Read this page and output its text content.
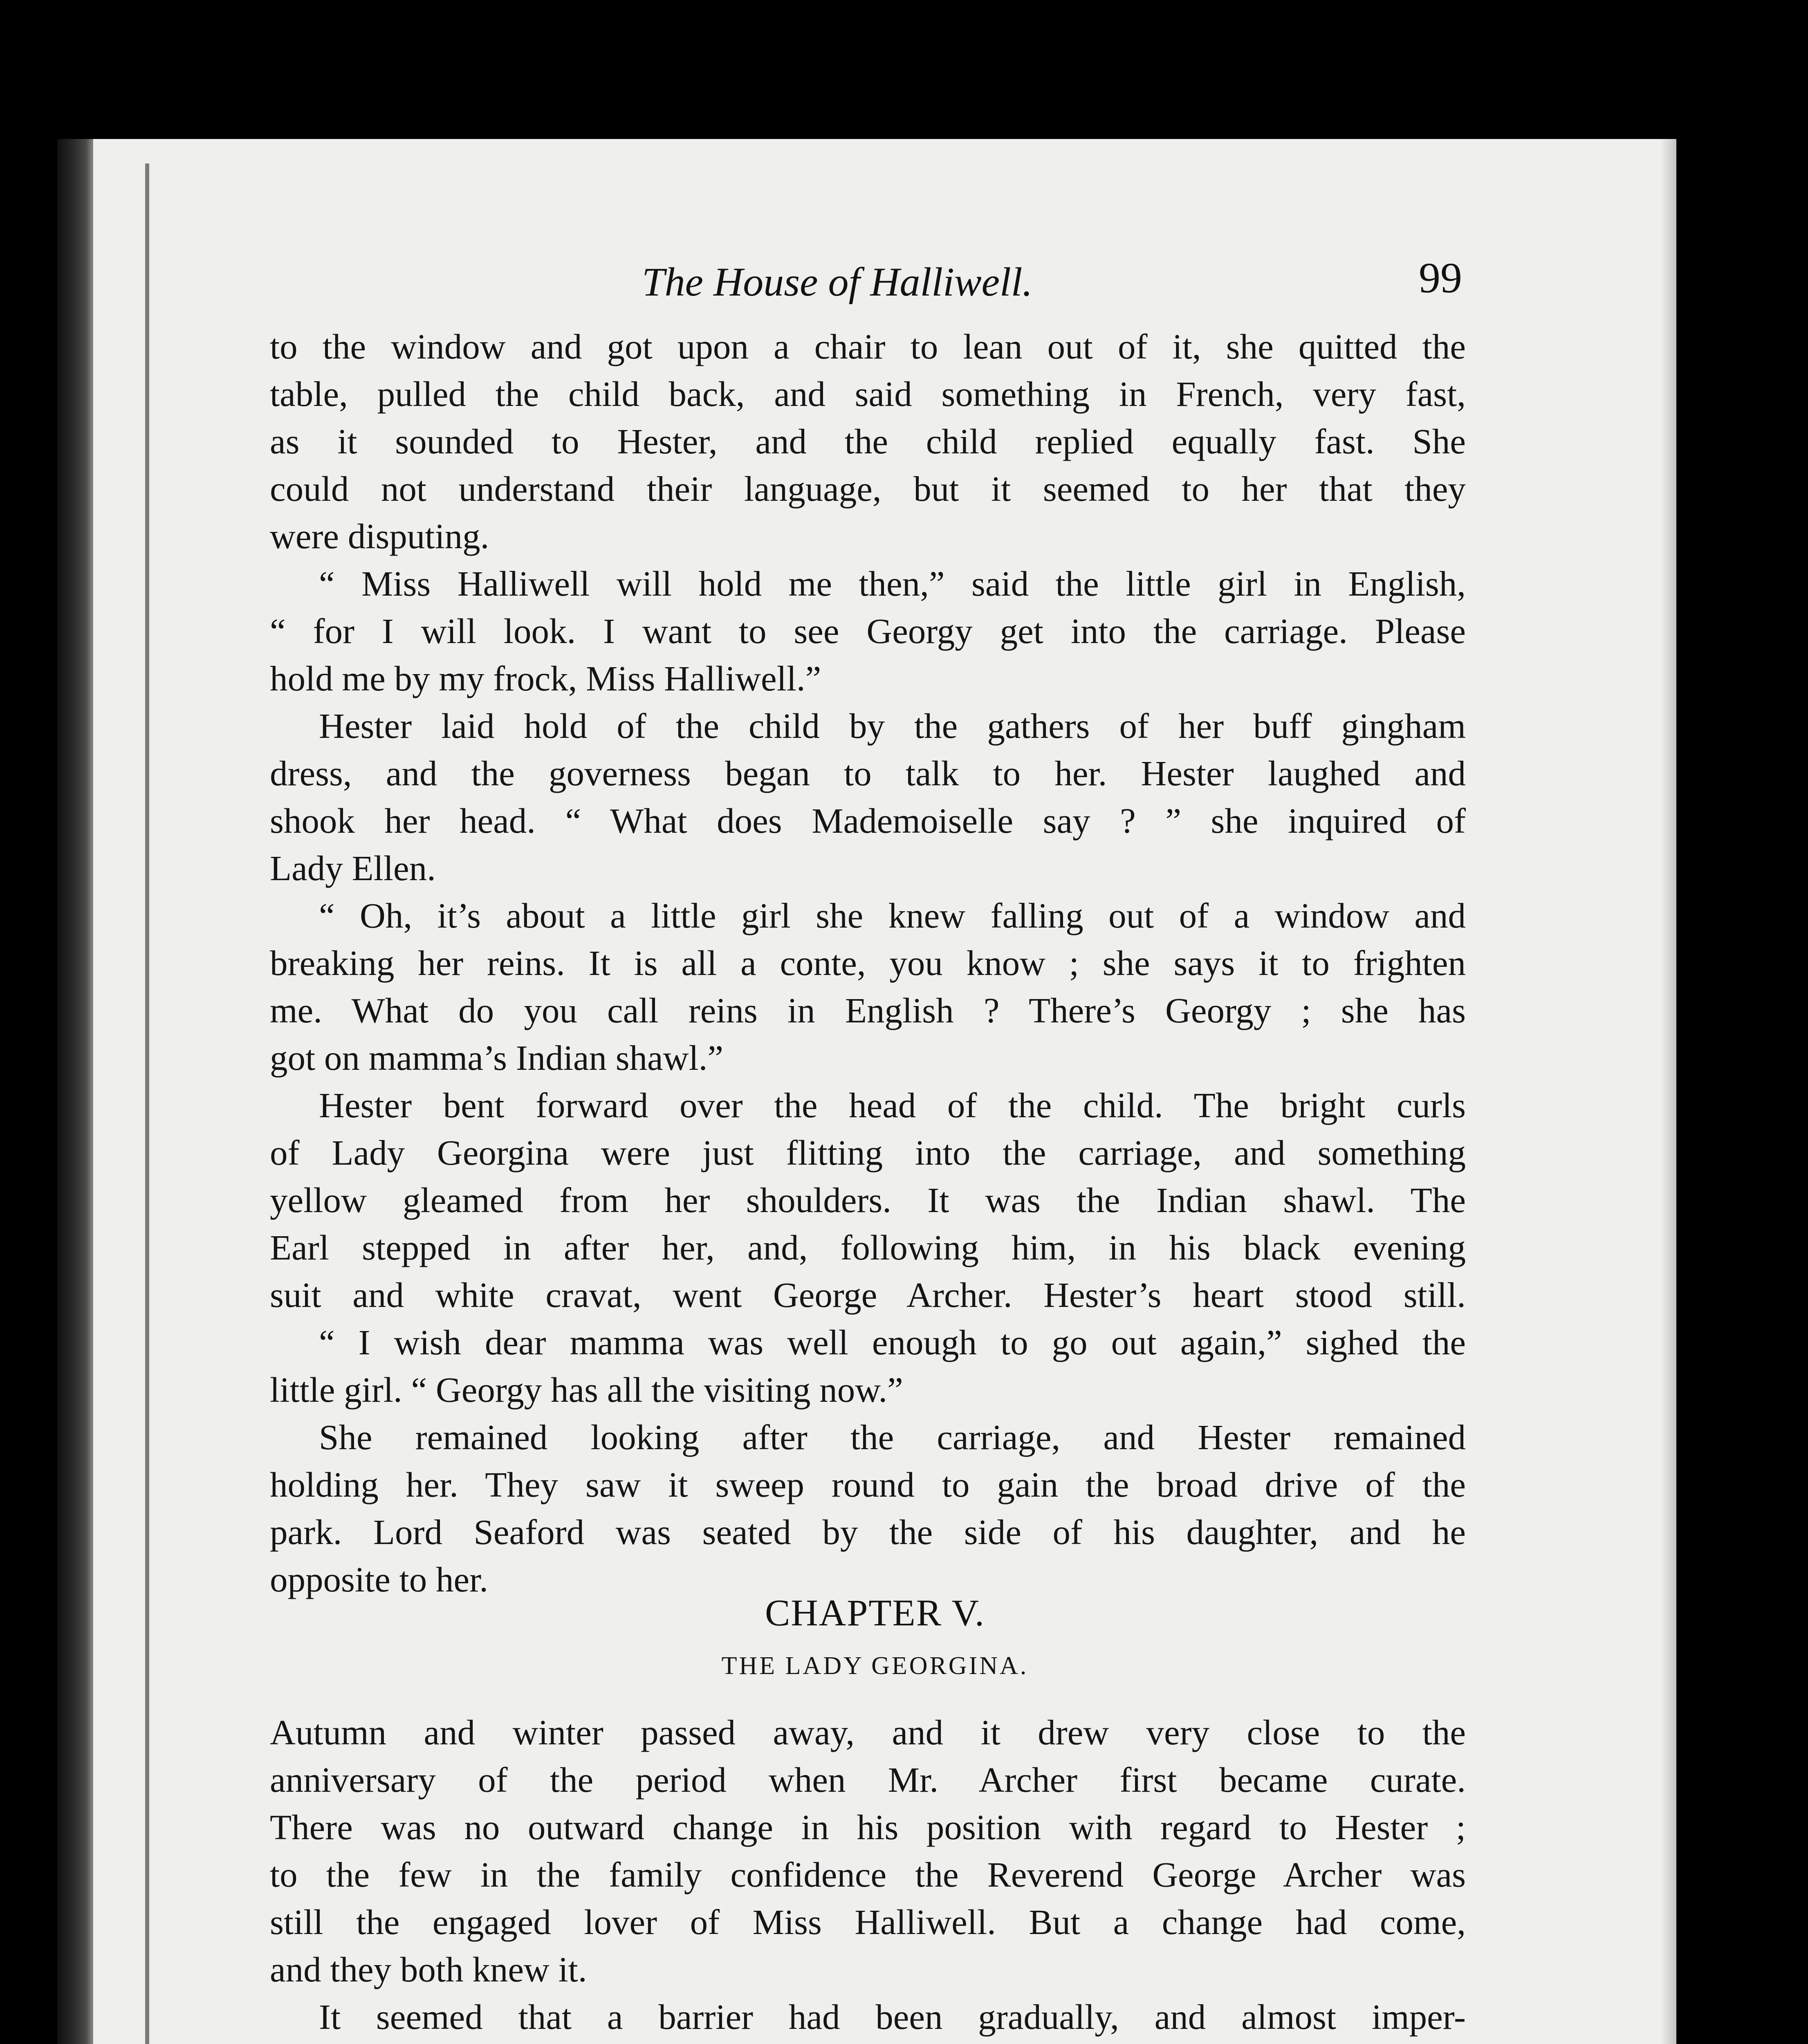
The House of Halliwell.	99
to the window and got upon a chair to lean out of it, she quitted the
table, pulled the child back, and said something in French, very fast,
as it sounded to Hester, and the child replied equally fast. She
could not understand their language, but it seemed to her that they
were disputing.
“ Miss Halliwell will hold me then,” said the little girl in English,
“ for I will look. I want to see Georgy get into the carriage. Please
hold me by my frock, Miss Halliwell.”
Hester laid hold of the child by the gathers of her buff gingham
dress, and the governess began to talk to her. Hester laughed and
shook her head. “ What does Mademoiselle say ? ” she inquired of
Lady Ellen.
“ Oh, it’s about a little girl she knew falling out of a window and
breaking her reins. It is all a conte, you know ; she says it to frighten
me. What do you call reins in English ? There’s Georgy ; she has
got on mamma’s Indian shawl.”
Hester bent forward over the head of the child. The bright curls
of Lady Georgina were just flitting into the carriage, and something
yellow gleamed from her shoulders. It was the Indian shawl. The
Earl stepped in after her, and, following him, in his black evening
suit and white cravat, went George Archer. Hester’s heart stood still.
“ I wish dear mamma was well enough to go out again,” sighed the
little girl. “ Georgy has all the visiting now.”
She remained looking after the carriage, and Hester remained
holding her. They saw it sweep round to gain the broad drive of the
park. Lord Seaford was seated by the side of his daughter, and he
opposite to her.
CHAPTER V.
THE LADY GEORGINA.
Autumn and winter passed away, and it drew very close to the
anniversary of the period when Mr. Archer first became curate.
There was no outward change in his position with regard to Hester ;
to the few in the family confidence the Reverend George Archer was
still the engaged lover of Miss Halliwell. But a change had come,
and they both knew it.
It seemed that a barrier had been gradually, and almost imper-
